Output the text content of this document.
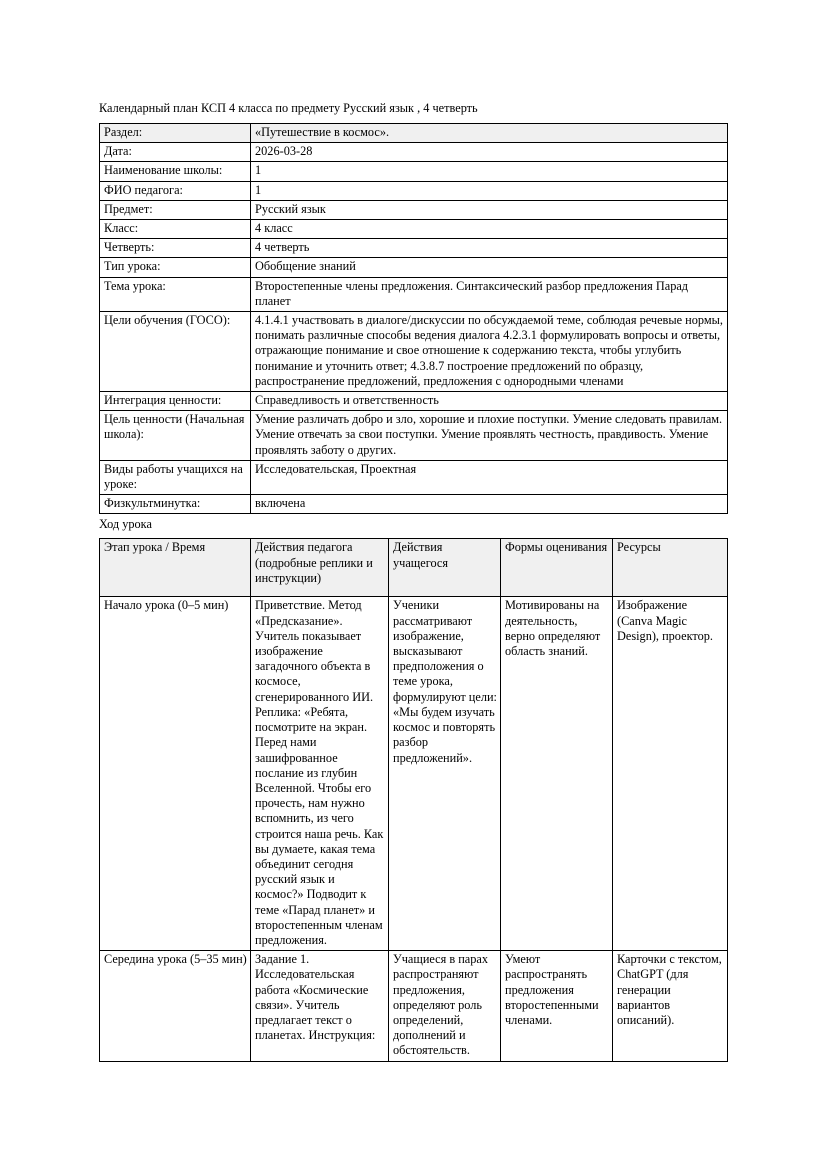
Календарный план КСП 4 класса по предмету Русский язык , 4 четверть

Раздел:	«Путешествие в космос».
Дата:	2026-03-28
Наименование школы:	1
ФИО педагога:	1
Предмет:	Русский язык
Класс:	4 класс
Четверть:	4 четверть
Тип урока:	Обобщение знаний
Тема урока:	Второстепенные члены предложения. Синтаксический разбор предложения Парад планет
Цели обучения (ГОСО):	4.1.4.1 участвовать в диалоге/дискуссии по обсуждаемой теме, соблюдая речевые нормы, понимать различные способы ведения диалога 4.2.3.1 формулировать вопросы и ответы, отражающие понимание и свое отношение к содержанию текста, чтобы углубить понимание и уточнить ответ; 4.3.8.7 построение предложений по образцу, распространение предложений, предложения с однородными членами
Интеграция ценности:	Справедливость и ответственность
Цель ценности (Начальная школа):	Умение различать добро и зло, хорошие и плохие поступки. Умение следовать правилам. Умение отвечать за свои поступки. Умение проявлять честность, правдивость. Умение проявлять заботу о других.
Виды работы учащихся на уроке:	Исследовательская, Проектная
Физкультминутка:	включена

Ход урока

Этап урока / Время	Действия педагога (подробные реплики и инструкции)	Действия учащегося	Формы оценивания	Ресурсы
Начало урока (0–5 мин)	Приветствие. Метод «Предсказание». Учитель показывает изображение загадочного объекта в космосе, сгенерированного ИИ. Реплика: «Ребята, посмотрите на экран. Перед нами зашифрованное послание из глубин Вселенной. Чтобы его прочесть, нам нужно вспомнить, из чего строится наша речь. Как вы думаете, какая тема объединит сегодня русский язык и космос?» Подводит к теме «Парад планет» и второстепенным членам предложения.	Ученики рассматривают изображение, высказывают предположения о теме урока, формулируют цели: «Мы будем изучать космос и повторять разбор предложений».	Мотивированы на деятельность, верно определяют область знаний.	Изображение (Canva Magic Design), проектор.

Середина урока (5–35 мин)	Задание 1. Исследовательская работа «Космические связи». Учитель предлагает текст о планетах. Инструкция:	Учащиеся в парах распространяют предложения, определяют роль определений, дополнений и обстоятельств.	Умеют распространять предложения второстепенными членами.	Карточки с текстом, ChatGPT (для генерации вариантов описаний).
